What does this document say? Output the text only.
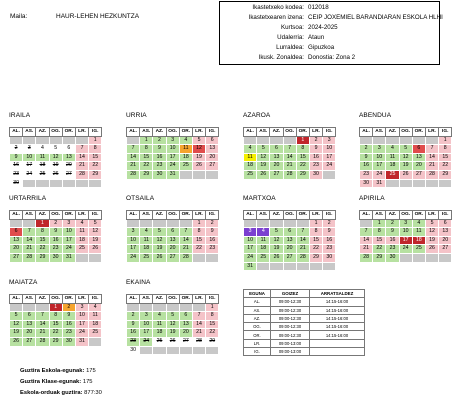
Maila:	HAUR-LEHEN HEZKUNTZA
Ikastetxeko kodea: 012018
Ikastetxearen izena: CEIP JOXEMIEL BARANDIARAN ESKOLA HLHI
Kurtsoa: 2024-2025
Udalerria: Ataun
Lurraldea: Gipuzkoa
Ikusk. Zonaldea: Donostia: Zona 2
IRAILA
AL.	AS.	AZ.	OG.	OR.	LR.	IG.
						1
2	3	4	5	6	7	8
9	10	11	12	13	14	15
16	17	18	19	20	21	22
23	24	25	26	27	28	29
30						
URRIA
AL.	AS.	AZ.	OG.	OR.	LR.	IG.
	1	2	3	4	5	6
7	8	9	10	11	12	13
14	15	16	17	18	19	20
21	22	23	24	25	26	27
28	29	30	31			
AZAROA
AL.	AS.	AZ.	OG.	OR.	LR.	IG.
				1	2	3
4	5	6	7	8	9	10
11	12	13	14	15	16	17
18	19	20	21	22	23	24
25	26	27	28	29	30	
ABENDUA
AL.	AS.	AZ.	OG.	OR.	LR.	IG.
						1
2	3	4	5	6	7	8
9	10	11	12	13	14	15
16	17	18	19	20	21	22
23	24	25	26	27	28	29
30	31					
URTARRILA
AL.	AS.	AZ.	OG.	OR.	LR.	IG.
		1	2	3	4	5
6	7	8	9	10	11	12
13	14	15	16	17	18	19
20	21	22	23	24	25	26
27	28	29	30	31		
OTSAILA
AL.	AS.	AZ.	OG.	OR.	LR.	IG.
					1	2
3	4	5	6	7	8	9
10	11	12	13	14	15	16
17	18	19	20	21	22	23
24	25	26	27	28		
MARTXOA
AL.	AS.	AZ.	OG.	OR.	LR.	IG.
					1	2
3	4	5	6	7	8	9
10	11	12	13	14	15	16
17	18	19	20	21	22	23
24	25	26	27	28	29	30
31						
APIRILA
AL.	AS.	AZ.	OG.	OR.	LR.	IG.
	1	2	3	4	5	6
7	8	9	10	11	12	13
14	15	16	17	18	19	20
21	22	23	24	25	26	27
28	29	30				
MAIATZA
AL.	AS.	AZ.	OG.	OR.	LR.	IG.
			1	2	3	4
5	6	7	8	9	10	11
12	13	14	15	16	17	18
19	20	21	22	23	24	25
26	27	28	29	30	31	
EKAINA
AL.	AS.	AZ.	OG.	OR.	LR.	IG.
						1
2	3	4	5	6	7	8
9	10	11	12	13	14	15
16	17	18	19	20	21	22
23	24	25	26	27	28	29
30						
EGUNA	GOIZEZ	ARRATSALDEZ
AL.	09:00-12:30	14:15-16:00
AS.	09:00-12:30	14:15-16:00
AZ.	09:00-12:30	14:15-16:00
OG.	09:00-12:30	14:15-16:00
OR.	09:00-12:30	14:15-16:00
LR.	09:00-13:00	
IG.	09:00-13:00	
Guztira Eskola-egunak: 175
Guztira Klase-egunak: 175
Eskola-orduak guztira: 877:30
